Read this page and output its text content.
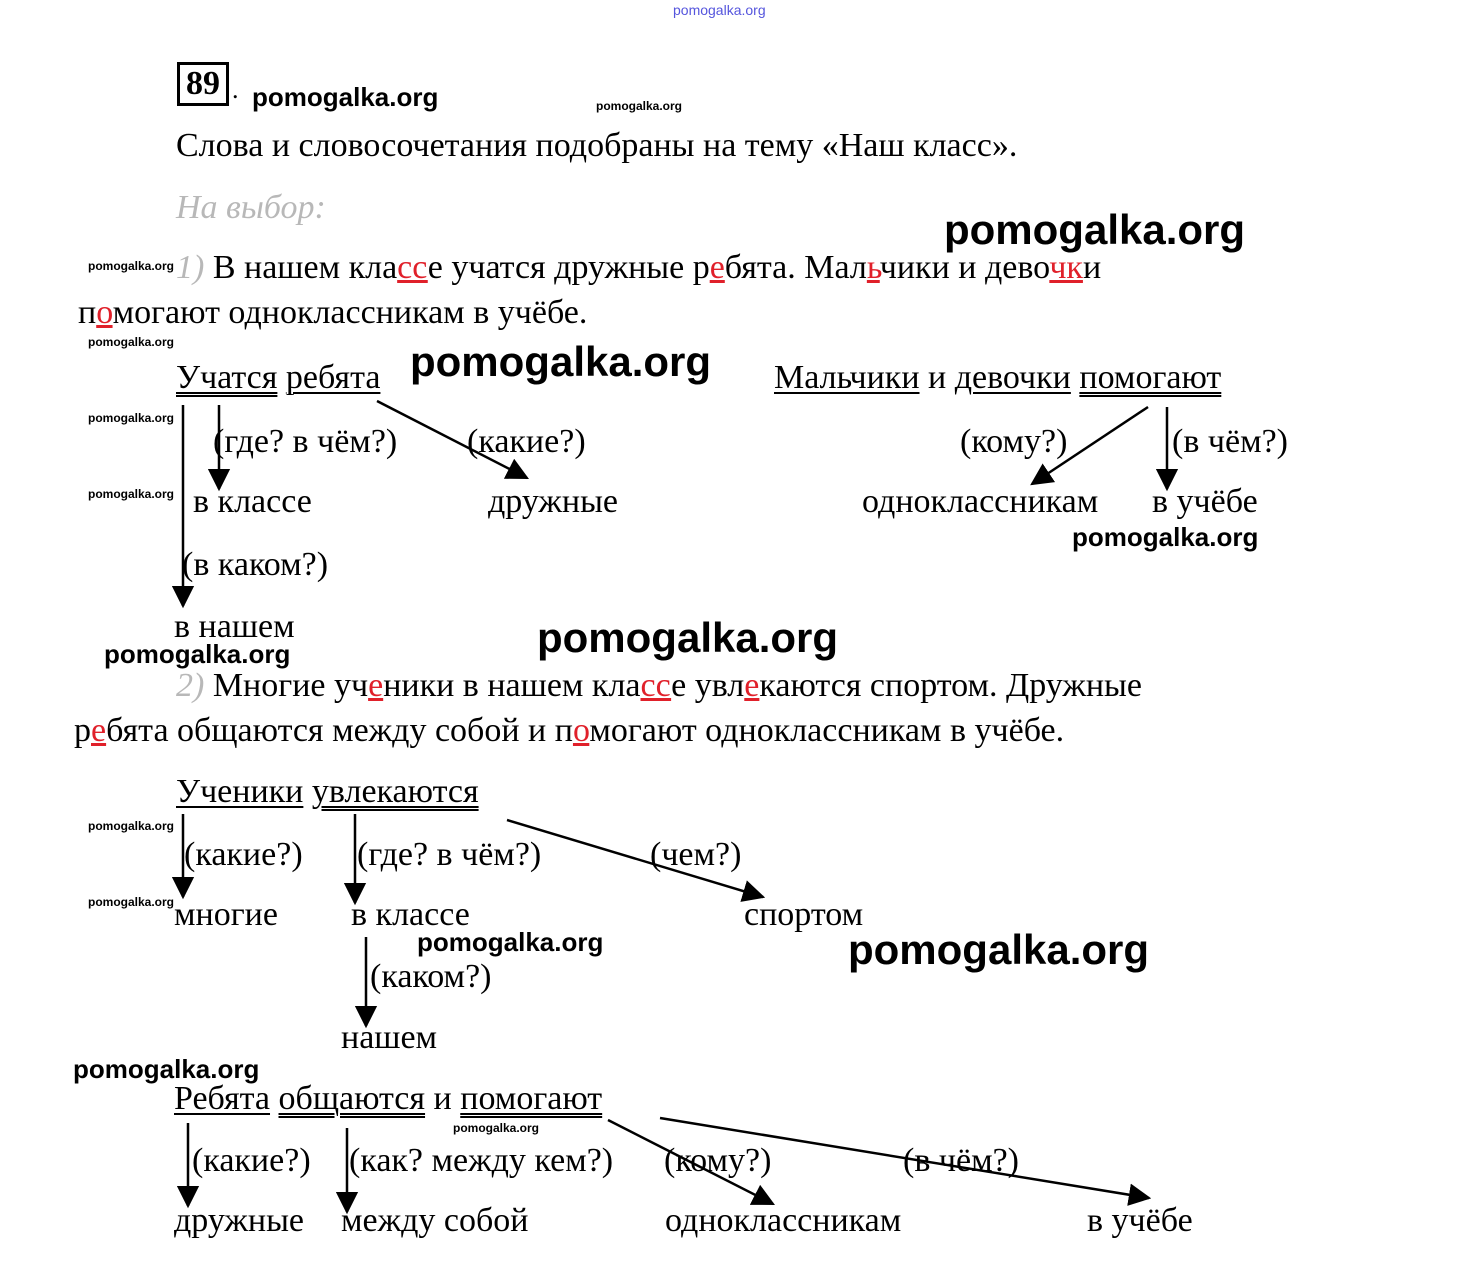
pomogalka.org
pomogalka.org	pomogalka.org
pomogalka.org
pomogalka.org
pomogalka.org	pomogalka.org
pomogalka.org
pomogalka.org
pomogalka.org
pomogalka.org
pomogalka.org
pomogalka.org
pomogalka.org
pomogalka.org	pomogalka.org
pomogalka.org
pomogalka.org
89 .
Слова и словосочетания подобраны на тему «Наш класс».
На выбор:
1) В нашем классе учатся дружные ребята. Мальчики и девочки
помогают одноклассникам в учёбе.
Учатся ребята
(где? в чём?) (какие?)
в классе	дружные
(в каком?)
в нашем
Мальчики и девочки помогают
(кому?)	(в чём?)
одноклассникам в учёбе
2) Многие ученики в нашем классе увлекаются спортом. Дружные
ребята общаются между собой и помогают одноклассникам в учёбе.
Ученики увлекаются
(какие?) (где? в чём?)	(чем?)
многие в классе	спортом
(каком?)
нашем
Ребята общаются и помогают
(какие?) (как? между кем?) (кому?)	(в чём?)
дружные между собой	одноклассникам	в учёбе
